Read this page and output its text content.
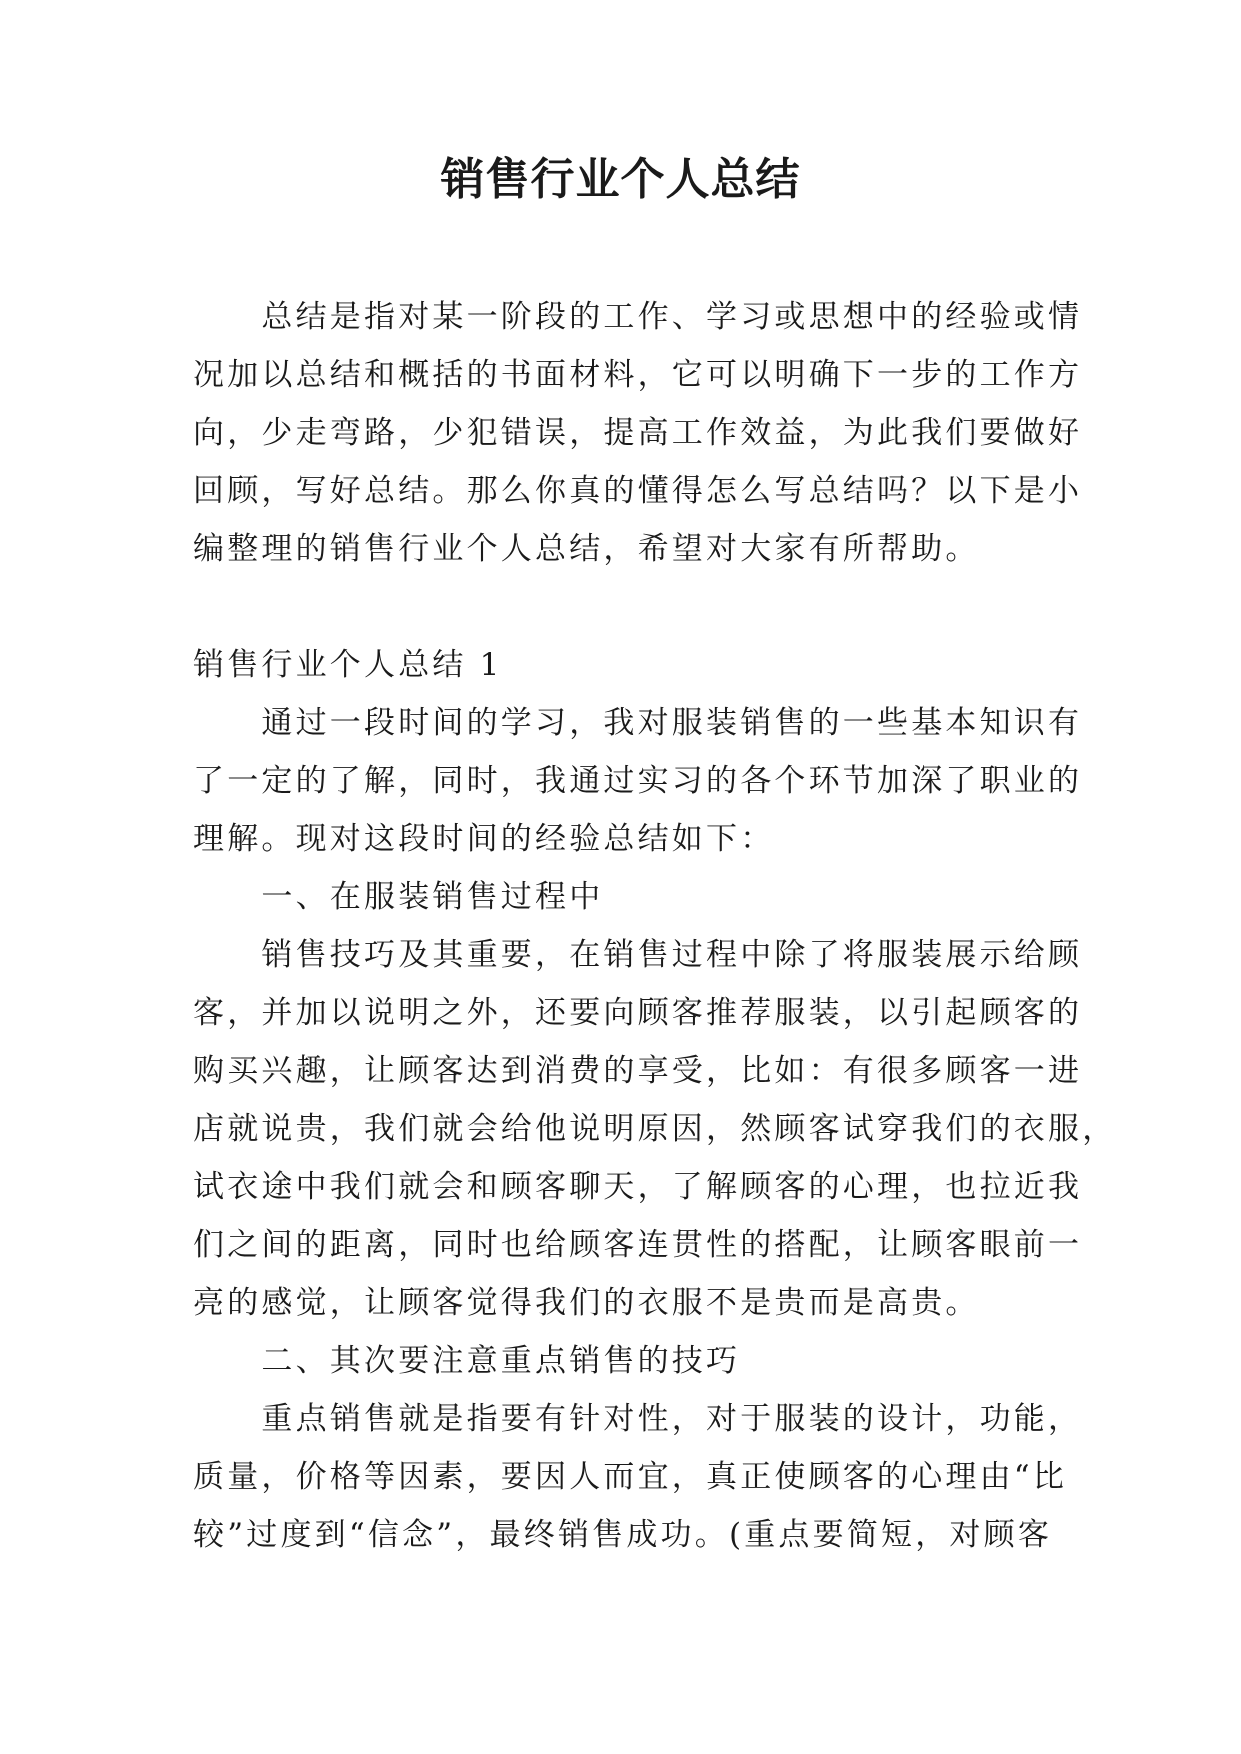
销售行业个人总结
　　总结是指对某一阶段的工作、学习或思想中的经验或情
况加以总结和概括的书面材料，它可以明确下一步的工作方
向，少走弯路，少犯错误，提高工作效益，为此我们要做好
回顾，写好总结。那么你真的懂得怎么写总结吗？以下是小
编整理的销售行业个人总结，希望对大家有所帮助。
销售行业个人总结 1
　　通过一段时间的学习，我对服装销售的一些基本知识有
了一定的了解，同时，我通过实习的各个环节加深了职业的
理解。现对这段时间的经验总结如下：
　　一、在服装销售过程中
　　销售技巧及其重要，在销售过程中除了将服装展示给顾
客，并加以说明之外，还要向顾客推荐服装，以引起顾客的
购买兴趣，让顾客达到消费的享受，比如：有很多顾客一进
店就说贵，我们就会给他说明原因，然顾客试穿我们的衣服，
试衣途中我们就会和顾客聊天，了解顾客的心理，也拉近我
们之间的距离，同时也给顾客连贯性的搭配，让顾客眼前一
亮的感觉，让顾客觉得我们的衣服不是贵而是高贵。
　　二、其次要注意重点销售的技巧
　　重点销售就是指要有针对性，对于服装的设计，功能，
质量，价格等因素，要因人而宜，真正使顾客的心理由“比
较”过度到“信念”，最终销售成功。(重点要简短，对顾客
